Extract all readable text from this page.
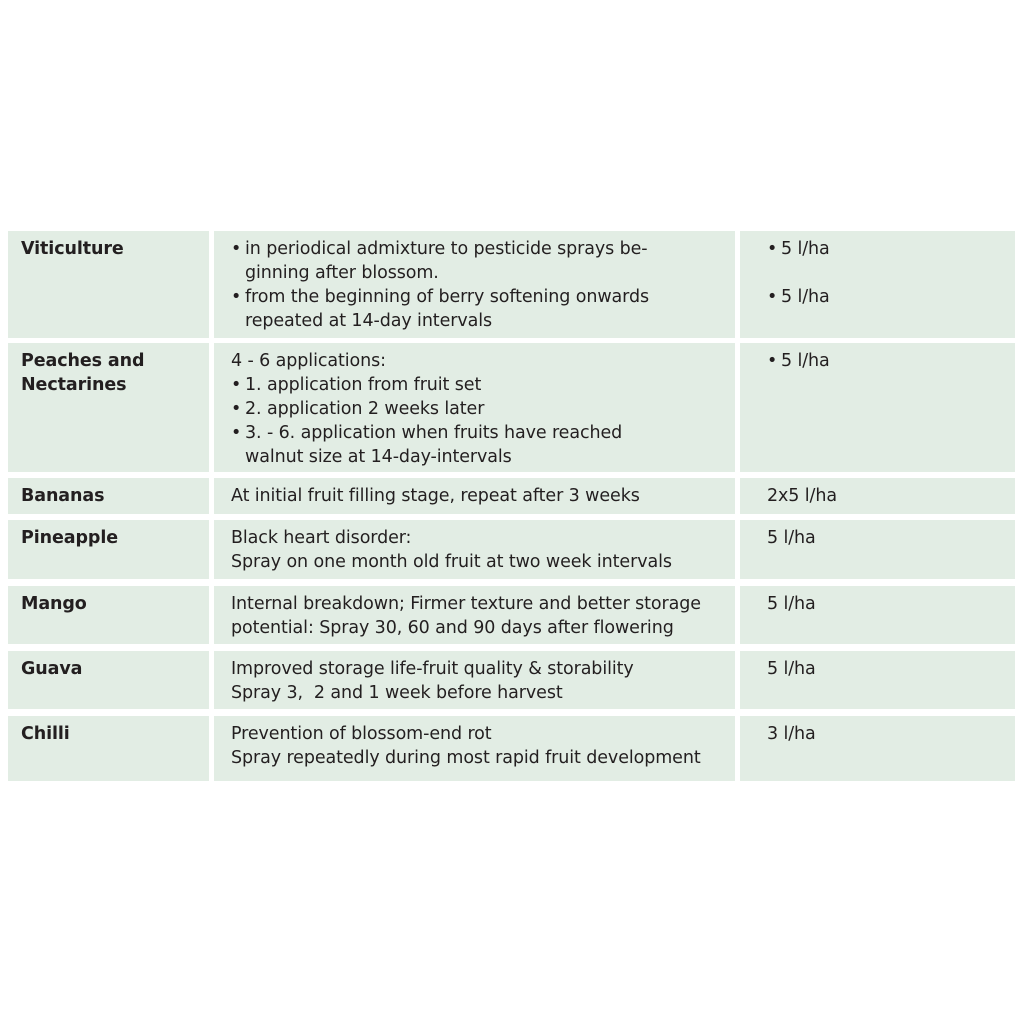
Viticulture
•	in periodical admixture to pesticide sprays be-
ginning after blossom.
• from the beginning of berry softening onwards
repeated at 14-day intervals
• 5 l/ha
• 5 l/ha
Peaches and
Nectarines
4 - 6 applications:
• 1. application from fruit set
• 2. application 2 weeks later
• 3. - 6. application when fruits have reached
walnut size at 14-day-intervals
• 5 l/ha
Bananas	At initial fruit filling stage, repeat after 3 weeks	2x5 l/ha
Pineapple	Black heart disorder:
Spray on one month old fruit at two week intervals
5 l/ha
Mango	Internal breakdown; Firmer texture and better storage
potential: Spray 30, 60 and 90 days after flowering
5 l/ha
Guava	Improved storage life-fruit quality & storability
Spray 3,  2 and 1 week before harvest
5 l/ha
Chilli	Prevention of blossom-end rot
Spray repeatedly during most rapid fruit development
3 l/ha
